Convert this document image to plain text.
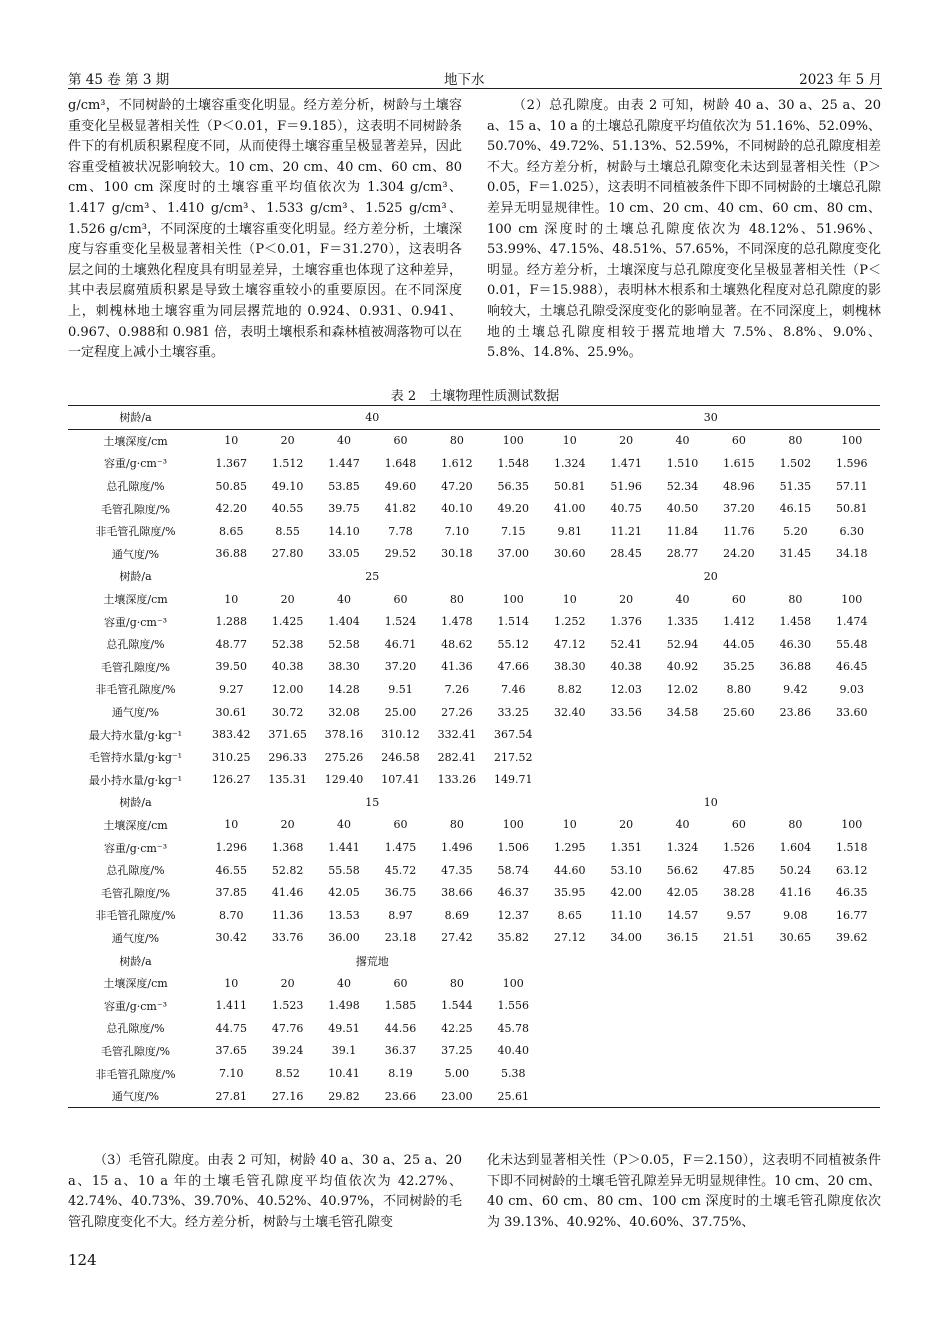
第 45 卷 第 3 期	地下水	2023 年 5 月

g/cm³，不同树龄的土壤容重变化明显。经方差分析，树龄与土壤容重变化呈极显著相关性（P＜0.01，F＝9.185），这表明不同树龄条件下的有机质积累程度不同，从而使得土壤容重呈极显著差异，因此容重受植被状况影响较大。10 cm、20 cm、40 cm、60 cm、80 cm、100 cm 深度时的土壤容重平均值依次为 1.304 g/cm³、1.417 g/cm³、1.410 g/cm³、1.533 g/cm³、1.525 g/cm³、1.526 g/cm³，不同深度的土壤容重变化明显。经方差分析，土壤深度与容重变化呈极显著相关性（P＜0.01，F＝31.270），这表明各层之间的土壤熟化程度具有明显差异，土壤容重也体现了这种差异，其中表层腐殖质积累是导致土壤容重较小的重要原因。在不同深度上，刺槐林地土壤容重为同层撂荒地的 0.924、0.931、0.941、0.967、0.988和 0.981 倍，表明土壤根系和森林植被凋落物可以在一定程度上减小土壤容重。

（2）总孔隙度。由表 2 可知，树龄 40 a、30 a、25 a、20 a、15 a、10 a 的土壤总孔隙度平均值依次为 51.16%、52.09%、50.70%、49.72%、51.13%、52.59%，不同树龄的总孔隙度相差不大。经方差分析，树龄与土壤总孔隙变化未达到显著相关性（P＞0.05，F＝1.025），这表明不同植被条件下即不同树龄的土壤总孔隙差异无明显规律性。10 cm、20 cm、40 cm、60 cm、80 cm、100 cm 深度时的土壤总孔隙度依次为 48.12%、51.96%、53.99%、47.15%、48.51%、57.65%，不同深度的总孔隙度变化明显。经方差分析，土壤深度与总孔隙度变化呈极显著相关性（P＜0.01，F＝15.988），表明林木根系和土壤熟化程度对总孔隙度的影响较大，土壤总孔隙受深度变化的影响显著。在不同深度上，刺槐林地的土壤总孔隙度相较于撂荒地增大 7.5%、8.8%、9.0%、5.8%、14.8%、25.9%。

表 2　土壤物理性质测试数据
树龄/a	40						30					
土壤深度/cm	10	20	40	60	80	100	10	20	40	60	80	100
容重/g·cm⁻³	1.367	1.512	1.447	1.648	1.612	1.548	1.324	1.471	1.510	1.615	1.502	1.596
总孔隙度/%	50.85	49.10	53.85	49.60	47.20	56.35	50.81	51.96	52.34	48.96	51.35	57.11
毛管孔隙度/%	42.20	40.55	39.75	41.82	40.10	49.20	41.00	40.75	40.50	37.20	46.15	50.81
非毛管孔隙度/%	8.65	8.55	14.10	7.78	7.10	7.15	9.81	11.21	11.84	11.76	5.20	6.30
通气度/%	36.88	27.80	33.05	29.52	30.18	37.00	30.60	28.45	28.77	24.20	31.45	34.18
树龄/a	25						20					
土壤深度/cm	10	20	40	60	80	100	10	20	40	60	80	100
容重/g·cm⁻³	1.288	1.425	1.404	1.524	1.478	1.514	1.252	1.376	1.335	1.412	1.458	1.474
总孔隙度/%	48.77	52.38	52.58	46.71	48.62	55.12	47.12	52.41	52.94	44.05	46.30	55.48
毛管孔隙度/%	39.50	40.38	38.30	37.20	41.36	47.66	38.30	40.38	40.92	35.25	36.88	46.45
非毛管孔隙度/%	9.27	12.00	14.28	9.51	7.26	7.46	8.82	12.03	12.02	8.80	9.42	9.03
通气度/%	30.61	30.72	32.08	25.00	27.26	33.25	32.40	33.56	34.58	25.60	23.86	33.60
最大持水量/g·kg⁻¹	383.42	371.65	378.16	310.12	332.41	367.54						
毛管持水量/g·kg⁻¹	310.25	296.33	275.26	246.58	282.41	217.52						
最小持水量/g·kg⁻¹	126.27	135.31	129.40	107.41	133.26	149.71						
树龄/a	15						10					
土壤深度/cm	10	20	40	60	80	100	10	20	40	60	80	100
容重/g·cm⁻³	1.296	1.368	1.441	1.475	1.496	1.506	1.295	1.351	1.324	1.526	1.604	1.518
总孔隙度/%	46.55	52.82	55.58	45.72	47.35	58.74	44.60	53.10	56.62	47.85	50.24	63.12
毛管孔隙度/%	37.85	41.46	42.05	36.75	38.66	46.37	35.95	42.00	42.05	38.28	41.16	46.35
非毛管孔隙度/%	8.70	11.36	13.53	8.97	8.69	12.37	8.65	11.10	14.57	9.57	9.08	16.77
通气度/%	30.42	33.76	36.00	23.18	27.42	35.82	27.12	34.00	36.15	21.51	30.65	39.62
树龄/a	撂荒地											
土壤深度/cm	10	20	40	60	80	100						
容重/g·cm⁻³	1.411	1.523	1.498	1.585	1.544	1.556						
总孔隙度/%	44.75	47.76	49.51	44.56	42.25	45.78						
毛管孔隙度/%	37.65	39.24	39.1	36.37	37.25	40.40						
非毛管孔隙度/%	7.10	8.52	10.41	8.19	5.00	5.38						
通气度/%	27.81	27.16	29.82	23.66	23.00	25.61						

（3）毛管孔隙度。由表 2 可知，树龄 40 a、30 a、25 a、20 a、15 a、10 a 年的土壤毛管孔隙度平均值依次为 42.27%、42.74%、40.73%、39.70%、40.52%、40.97%，不同树龄的毛管孔隙度变化不大。经方差分析，树龄与土壤毛管孔隙变

化未达到显著相关性（P＞0.05，F＝2.150），这表明不同植被条件下即不同树龄的土壤毛管孔隙差异无明显规律性。10 cm、20 cm、40 cm、60 cm、80 cm、100 cm 深度时的土壤毛管孔隙度依次为 39.13%、40.92%、40.60%、37.75%、

124
